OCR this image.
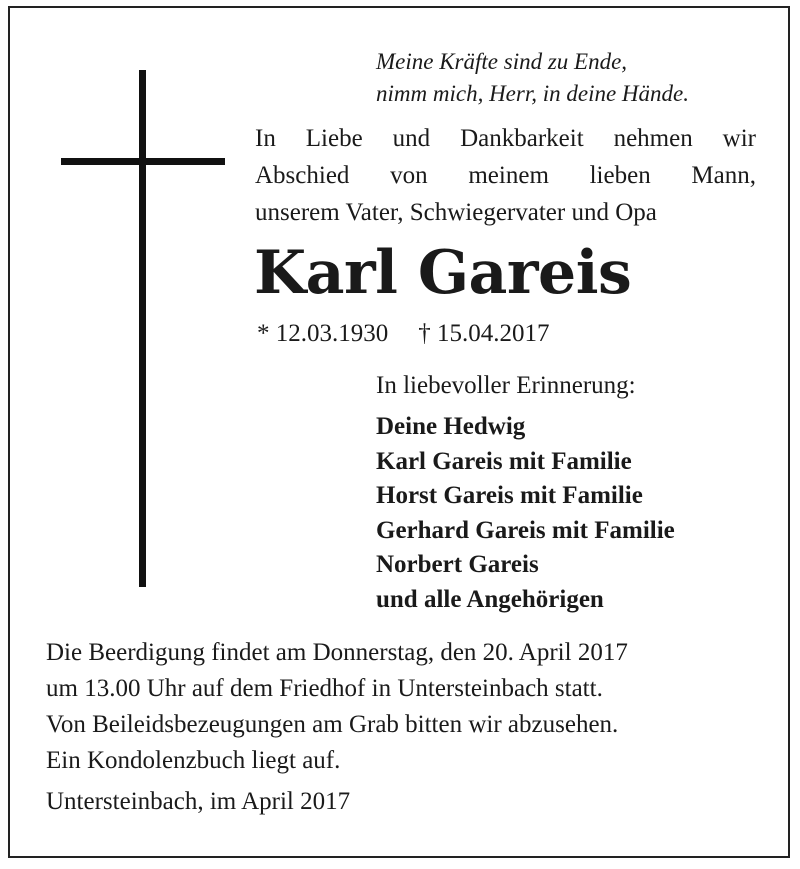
Meine Kräfte sind zu Ende,
nimm mich, Herr, in deine Hände.
In Liebe und Dankbarkeit nehmen wir
Abschied von meinem lieben Mann,
unserem Vater, Schwiegervater und Opa
Karl Gareis
* 12.03.1930 † 15.04.2017
In liebevoller Erinnerung:
Deine Hedwig
Karl Gareis mit Familie
Horst Gareis mit Familie
Gerhard Gareis mit Familie
Norbert Gareis
und alle Angehörigen
Die Beerdigung findet am Donnerstag, den 20. April 2017
um 13.00 Uhr auf dem Friedhof in Untersteinbach statt.
Von Beileidsbezeugungen am Grab bitten wir abzusehen.
Ein Kondolenzbuch liegt auf.
Untersteinbach, im April 2017
